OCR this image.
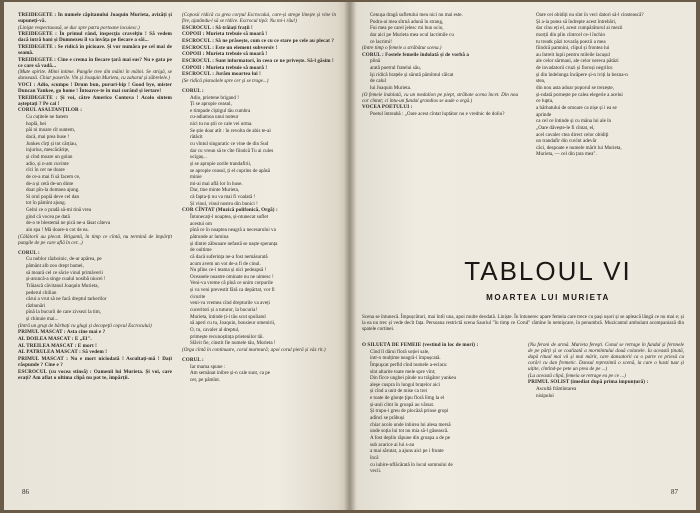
TREIDEGETE : În numele căpitanului Joaquin Murieta, avizăți și supuneți-vă.

(Linişte respectuoasă, se duc spre patru portoane locuiesc.)

TREIDEGETE : În primul rând, inspecţia cravelţiu ! Să vedem dacă intră bani și Dumnezeu îl va învăța pe fiecare a săi...

TREIDEGETE : Se ridică în picioare. Și vor număra pe cel mai de seamă.

TREIDEGETE : Cine e crema în fiecare țară mai sus? Nu e gata pe ce care să vadă...

(Mute spirite. Mimi intime. Pungile tree din mâini în mâini. Se strigă, se dansează. Chiar paserile. Vin și Joaquin Murieta, cu zaharul și zăbrelele.)

VOCI : Adio, scumpo ! Drum bun, pururi-bip ! Good bye, mister Duncan Yankee, go home ! Întoarce-te în mai curând și iertare!

TREIDEGETE : Și voi, către Americo Contova ! Acolo sintem așteptați ? Pe cai !

CORUL ASALTANȚILOR :

Cu cuțitele ne batem

hoplă, hei

păi ni moare cît suntem,

dacă, mai prea huse !

Junkes cîrți și tot cărțiau,

injurius, mescăcărițe,

și cînd moare un golan

adio, și n-am cuvinte

cîci în cer ne doare

de ce-a mai fi să facem ce,

de-a și cetă de-un dinte

doar pîn-la domnea ajung.

Si orul popiă deve cel dan

tot în pămînt ajung.

Gelni ce o pradă să-mi tină vrea

gind că vocea pe dată

de-o te blestemă ne pică ne-a lăsat câteva

ain spa ! Mă doare-n cot de ea.

(Câlătorii au plecat. Brigantă, în timp ce cîntă, nu termină de împărțit pungile de pe care află în cer...)

CORUL :

Cu noblor războinic, de-ar apărea, pe

pământ alb zoo drept bamel,

să moară cel ce săcie vinul primăverii

și-aruncă-a singe cualul nosibă niucei !

Trăiască căvitanul Joaquin Murieta,

pederul chilian

cărui a vrut să ne facă dreptul tarkerilor

răzbunări

pînă la bucurii de care zivsezi la tim,

și chinuie mai...

(Intră un grup de bărbați cu glugi și decopeţii copcul Escrocului)

PRIMUL MASCAT : Asta cine mai e ?

AL DOILEA MASCAT : E „El".

AL TREILEA MASCAT : E mort !

AL PATRULEA MASCAT : Să vedem !

PRIMUL MASCAT : Nu e mort niciodată ! Ascultați-mă ! Dați răspunde ? Cine e ?

ESCROCUL (cu vocea stinsă) : Oamenii lui Murieta. Și voi, care erați? Am aflat o ultima clipă nu pot te, împărții.

(Coposii ridică cu grea corpul Escrocului, care-și strege linește și vine în fire, ajutându-l să se ridice. Escrocul tipă: Nu mi-i rău!)

ESCROCUL : Să trăiați frații !

COPOII : Murieta trebuie să moară !

ESCROCUL : Să ne prăsește, cum ce cu ce stare pe cele au plecat ?

ESCROCUL : Este un element subversiv !

COPOII : Murieta trebuie să moară !

ESCROCUL : Sunt informatori, în ceea ce ne privește. Să-l găsim !

COPOII : Murieta trebuie să moară !

ESCROCUL : Jurăm moartea lui !

(Se ridică pistoalele spre cer și se trage...)

CORUL :

Adio, prietene brigand !

Ți se apropie ceasul,

e timpade cîștigul tău cumbra

cu-adiamoa unui noteur

nici tu nu știi ce cale vei urma.

Se știe doar atît : în revolta de abis te-ai

rătăcit

cu vîntul singuratic ce vine de din Sud

dar cu vreun să te cîte fiindcă Tu ai cules

ucigaș...

și se apropie zorile trandafirii,

se apropie ceasul, ți el cuprins de apăsă

minie

mi-ai mai află lor în huse.

Dar, tine minte Murieta,

că fapta-ți nu va mai fi voalată !

Și vinul, vinul nostru din bunici !

COR CÎNTAT (Muzică polifonică, Orgă) :

Întunecați-l noaptea, și-ntunecat suflet

acestui om

pînă ce în noaptea neagră a necesarului va

pătrunde ar lumina

și dintre zăbunare nefastă se naște speranța

de oultime

că dacă suferința ne-a fost nemăsurată

acum avem un vot de-a fi de cinul.

Nu plîns ce-i teama și nici pedeapsă !

Oceanele noastre ominate nu ne uimesc !

Veni-va vreme că pînă ce unim corpurile

și va veni prevestit fără ca depărtat, vor fi

cicurite

veni-va vremea cînd drepturile va aveți

cuceritori și a tuturor, la bucuria!

Murieta, întinde ți-i tău scut spoliatul

să aperi cu tu, Joaquin, bonsieur omenirii,

O, tu, cavaler al dreptul,

primește recunoștința prietenilor tăi.

Slăvit fie, cinstit fie numele tău, Murieta !

(Orga cîntă în continuare, corul murmură; apoi corul pieră și văz rit.)

CORUL :

Iar mama spune :

Am semănat inibre și-n cale sunt, ca pe

cer, pe pâmînt.

86

Cenușa dragă sufletului meu nici nu mai este.

Podra-ai mea sîtrnă adună în strang,

Fui mea pe carel jelesc mi bun ocio,

dar aici pe Murieta mea ocul lacrimile cu

ce lacrimi!

(Intre timp o femeie a străbătut scena.)

CORUL : Fostele femeile îndolată și de vorbă a

plină

arată poetrul fratelui său,

îşi ridică brațele și sărută pămîntul călcat

de calul

lui Joaquin Murieta.

(O femeie îndolată, cu un medalion pe piept, străbate scena încet. Din nou cor cîntat; ci întu-un fundal grandios se aude o orgă.)

VOCEA POETULUI :

Poetul întreabă : „Oare acest cîntat luptător nu e vrednic de doliu?

Oare cei obidiți nu sînt în veci datori să-l cinstească?

Și a-ia putea să îndrepte acest întrebări,

dar cînu eți el, acest cumpărătorul ai mezii

morții din plin cîntrcel ce-l închin

tu treatk păzi tovarăș poezii a mea

fiindcă pamnini, clipul și frontea lui

au întreit lupii pentru mileile lacașul

ale celor sărmani, ale celor nereca pătăzi

de invadatorii cruzi și fioroși negrilor.

și din îndelunga încăpere și-n iviți la bezna-n

stea,

din nou asta adoar poporul se trezește,

și-ndată pornește pe calea elegerie a acelui

ce lupta,

a bărbatului de omoare ca nișe și i ea se

aprinde

ca cel ce întinde și cu mâna lui ale în

„Oare dăvește-le fi cîntat, el,

acel cavaler ctea direct celor obidiţi

un trandafir din cuvînt adevăr

căci, despoate e numele mărit lui Murieta,

Murieta, — cel din țara mea".

TABLOUL VI
MOARTEA LUI MURIETA
Scena se întunecă. Împușcături, mai întîi una, apoi multe deodată. Liniște. În întunerec apare femeia care trece cu pași ușori și se apleacă lângă ce nu mai e; și la ea nu trec și vede decît fața. Persoana restrictă scena Sauriul "în timp ce Corul" rămîne în nemișcare, în penumbră. Muzicantul ambulant acompaniază din spatele cortinei.

O SILUETĂ DE FEMEIE (vestind în loc de mori) :

Cînd îl dărui floră soției sale,

intr-o mulțime neagră-i împușcată.

Împuşcat perfid cînd numele a-eclara:

sînt altarite toate mele spre vînt;

Din fîcce unghei pînde nu trăgător yankeu

aleşe cuspra în lungul brațelor aici

și cînd a unit de mise ca trei

e toate de glonțe ţipu floră lîmg la el

și-anii cîmt în groapă au vărsat.

Și trupu-i greu de plocăză prinse gropi

adînci se prăbuși

chiar acolo unde inbirea lui alesa mersă

unde soția lui tot nu mia să-l găsească.

A fost deplin răpune din groapa a de pe

sub acarice ai lui s-au

a mai sărutat, a ajuns aici pe i frunte

încă

cu iubire-nflăcărată în locul somnului de

vecii.

(Nu feroni de armă. Murieta fereşti. Conul se retrage în fundul și fernnele de pe părți și se coalizată a mormîntului două colanele. Ia această ținată, după ritual mai vii și mai mărit, care dansatorii ca o parte ce priesă cu curări cu dan fremetic. Dansul reprezintă o scenă, la care o hasti tuat și uițite, cîntînd-pe pete un prea de pe ...)

(La această clipă, femeia se retrage ea pe ce ...)

PRIMUL SOLIST (imediat după prima impunțură) :

Ascultă frămîntarea

nisipului

87
